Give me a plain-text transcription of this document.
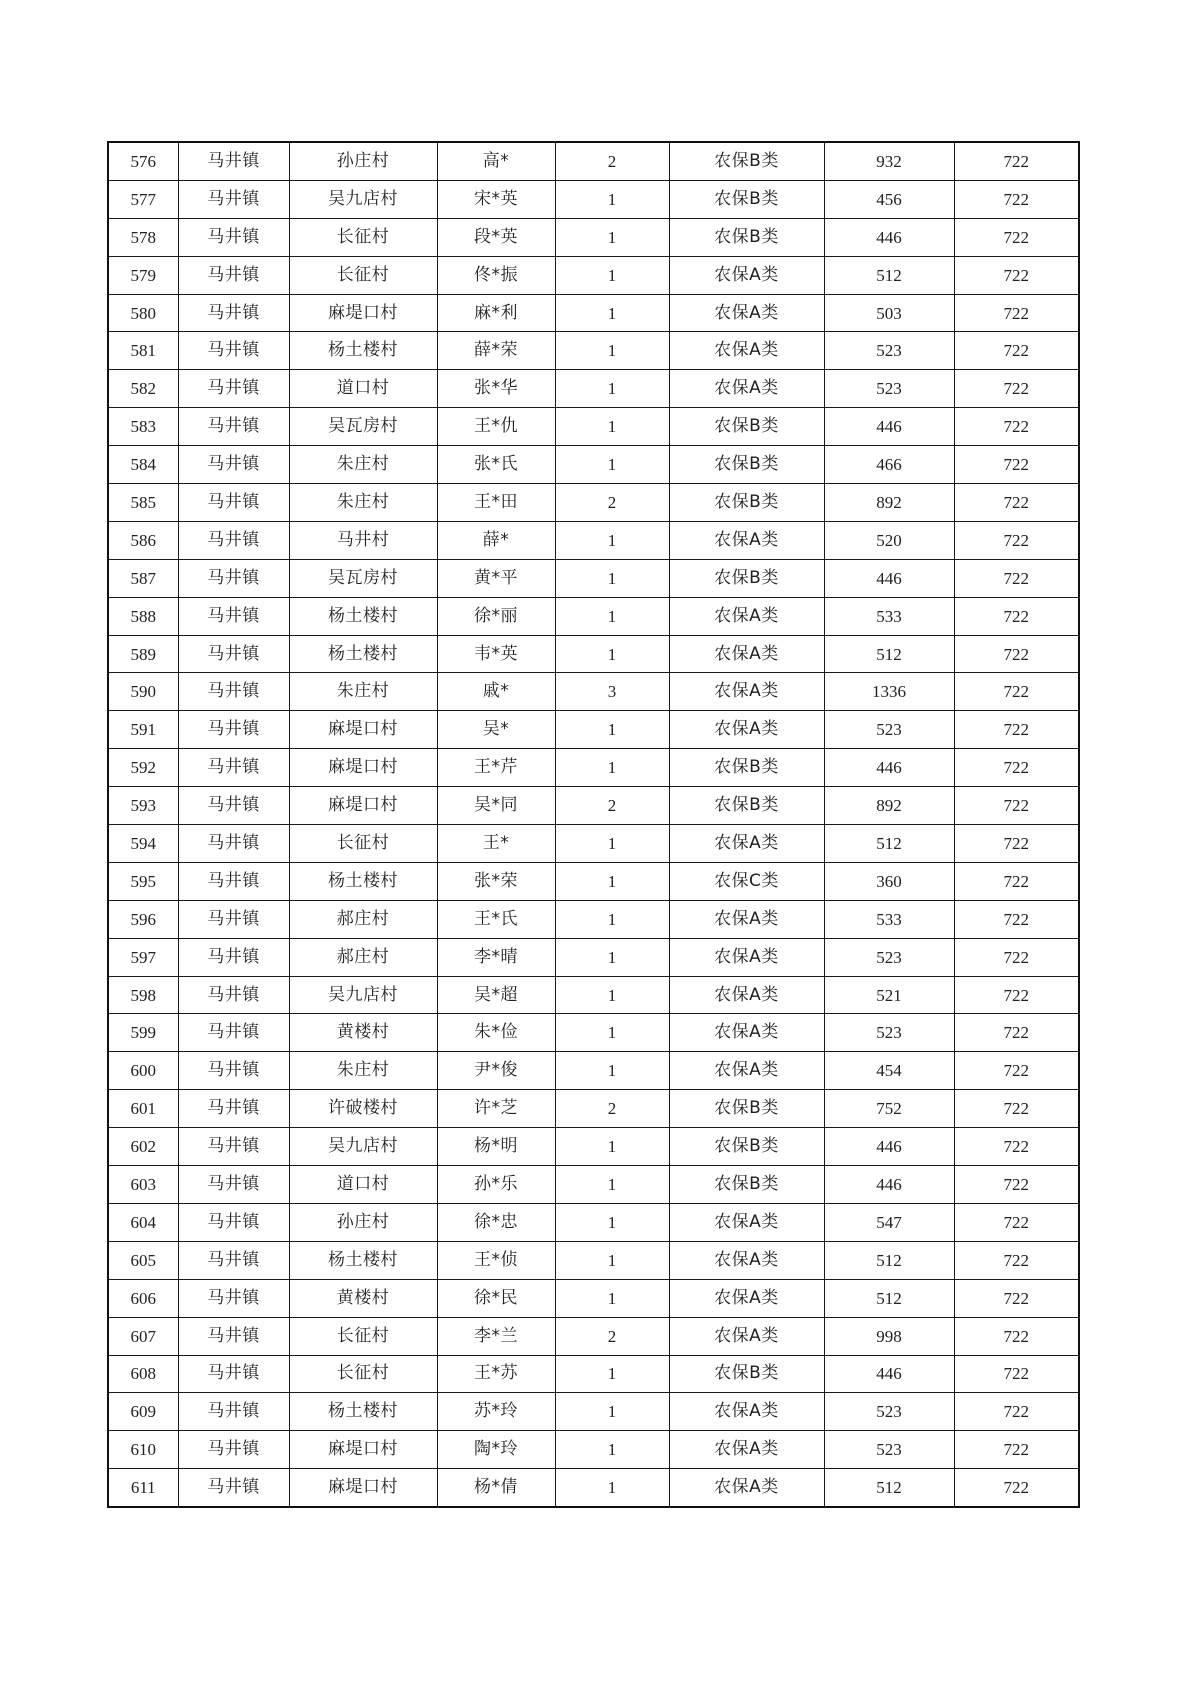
576	马井镇	孙庄村	高*	2	农保B类	932	722
577	马井镇	吴九店村	宋*英	1	农保B类	456	722
578	马井镇	长征村	段*英	1	农保B类	446	722
579	马井镇	长征村	佟*振	1	农保A类	512	722
580	马井镇	麻堤口村	麻*利	1	农保A类	503	722
581	马井镇	杨土楼村	薛*荣	1	农保A类	523	722
582	马井镇	道口村	张*华	1	农保A类	523	722
583	马井镇	吴瓦房村	王*仇	1	农保B类	446	722
584	马井镇	朱庄村	张*氏	1	农保B类	466	722
585	马井镇	朱庄村	王*田	2	农保B类	892	722
586	马井镇	马井村	薛*	1	农保A类	520	722
587	马井镇	吴瓦房村	黄*平	1	农保B类	446	722
588	马井镇	杨土楼村	徐*丽	1	农保A类	533	722
589	马井镇	杨土楼村	韦*英	1	农保A类	512	722
590	马井镇	朱庄村	戚*	3	农保A类	1336	722
591	马井镇	麻堤口村	吴*	1	农保A类	523	722
592	马井镇	麻堤口村	王*芹	1	农保B类	446	722
593	马井镇	麻堤口村	吴*同	2	农保B类	892	722
594	马井镇	长征村	王*	1	农保A类	512	722
595	马井镇	杨土楼村	张*荣	1	农保C类	360	722
596	马井镇	郝庄村	王*氏	1	农保A类	533	722
597	马井镇	郝庄村	李*晴	1	农保A类	523	722
598	马井镇	吴九店村	吴*超	1	农保A类	521	722
599	马井镇	黄楼村	朱*俭	1	农保A类	523	722
600	马井镇	朱庄村	尹*俊	1	农保A类	454	722
601	马井镇	许破楼村	许*芝	2	农保B类	752	722
602	马井镇	吴九店村	杨*明	1	农保B类	446	722
603	马井镇	道口村	孙*乐	1	农保B类	446	722
604	马井镇	孙庄村	徐*忠	1	农保A类	547	722
605	马井镇	杨土楼村	王*侦	1	农保A类	512	722
606	马井镇	黄楼村	徐*民	1	农保A类	512	722
607	马井镇	长征村	李*兰	2	农保A类	998	722
608	马井镇	长征村	王*苏	1	农保B类	446	722
609	马井镇	杨土楼村	苏*玲	1	农保A类	523	722
610	马井镇	麻堤口村	陶*玲	1	农保A类	523	722
611	马井镇	麻堤口村	杨*倩	1	农保A类	512	722
